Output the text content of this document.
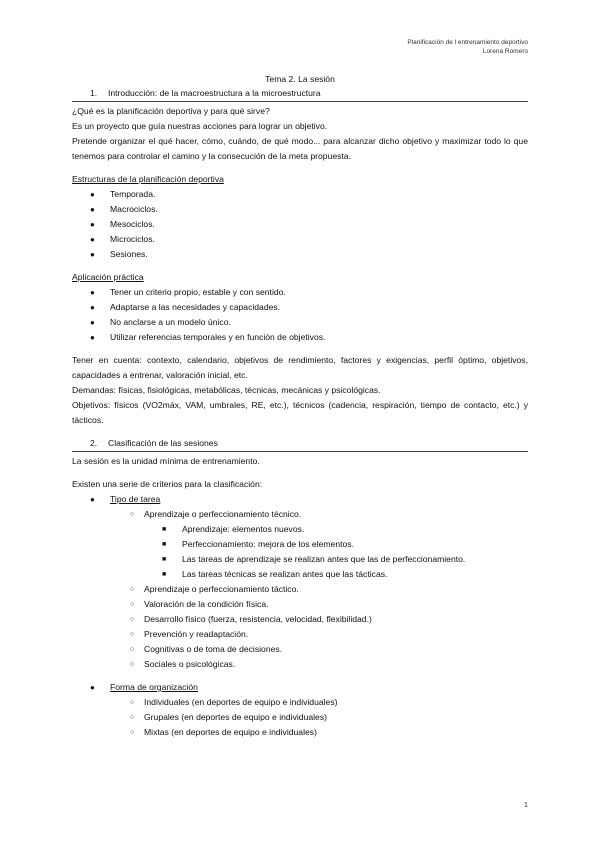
Planificación de l entrenamiento deportivo
Lorena Romero

Tema 2. La sesión

1.	Introducción: de la macroestructura a la microestructura

¿Qué es la planificación deportiva y para qué sirve?

Es un proyecto que guía nuestras acciones para lograr un objetivo.

Pretende organizar el qué hacer, cómo, cuándo, de qué modo... para alcanzar dicho objetivo y maximizar todo lo que tenemos para controlar el camino y la consecución de la meta propuesta.

Estructuras de la planificación deportiva

● Temporada.
● Macrociclos.
● Mesociclos.
● Microciclos.
● Sesiones.

Aplicación práctica

● Tener un criterio propio, estable y con sentido.
● Adaptarse a las necesidades y capacidades.
● No anclarse a un modelo único.
● Utilizar referencias temporales y en función de objetivos.

Tener en cuenta: contexto, calendario, objetivos de rendimiento, factores y exigencias, perfil óptimo, objetivos, capacidades a entrenar, valoración inicial, etc.

Demandas: físicas, fisiológicas, metabólicas, técnicas, mecánicas y psicológicas.

Objetivos: físicos (VO2máx, VAM, umbrales, RE, etc.), técnicos (cadencia, respiración, tiempo de contacto, etc.) y tácticos.

2.	Clasificación de las sesiones

La sesión es la unidad mínima de entrenamiento.

Existen una serie de criterios para la clasificación:

● Tipo de tarea
○ Aprendizaje o perfeccionamiento técnico.
■ Aprendizaje: elementos nuevos.
■ Perfeccionamiento: mejora de los elementos.
■ Las tareas de aprendizaje se realizan antes que las de perfeccionamiento.
■ Las tareas técnicas se realizan antes que las tácticas.
○ Aprendizaje o perfeccionamiento táctico.
○ Valoración de la condición física.
○ Desarrollo físico (fuerza, resistencia, velocidad, flexibilidad.)
○ Prevención y readaptación.
○ Cognitivas o de toma de decisiones.
○ Sociales o psicológicas.
● Forma de organización
○ Individuales (en deportes de equipo e individuales)
○ Grupales (en deportes de equipo e individuales)
○ Mixtas (en deportes de equipo e individuales)
1
